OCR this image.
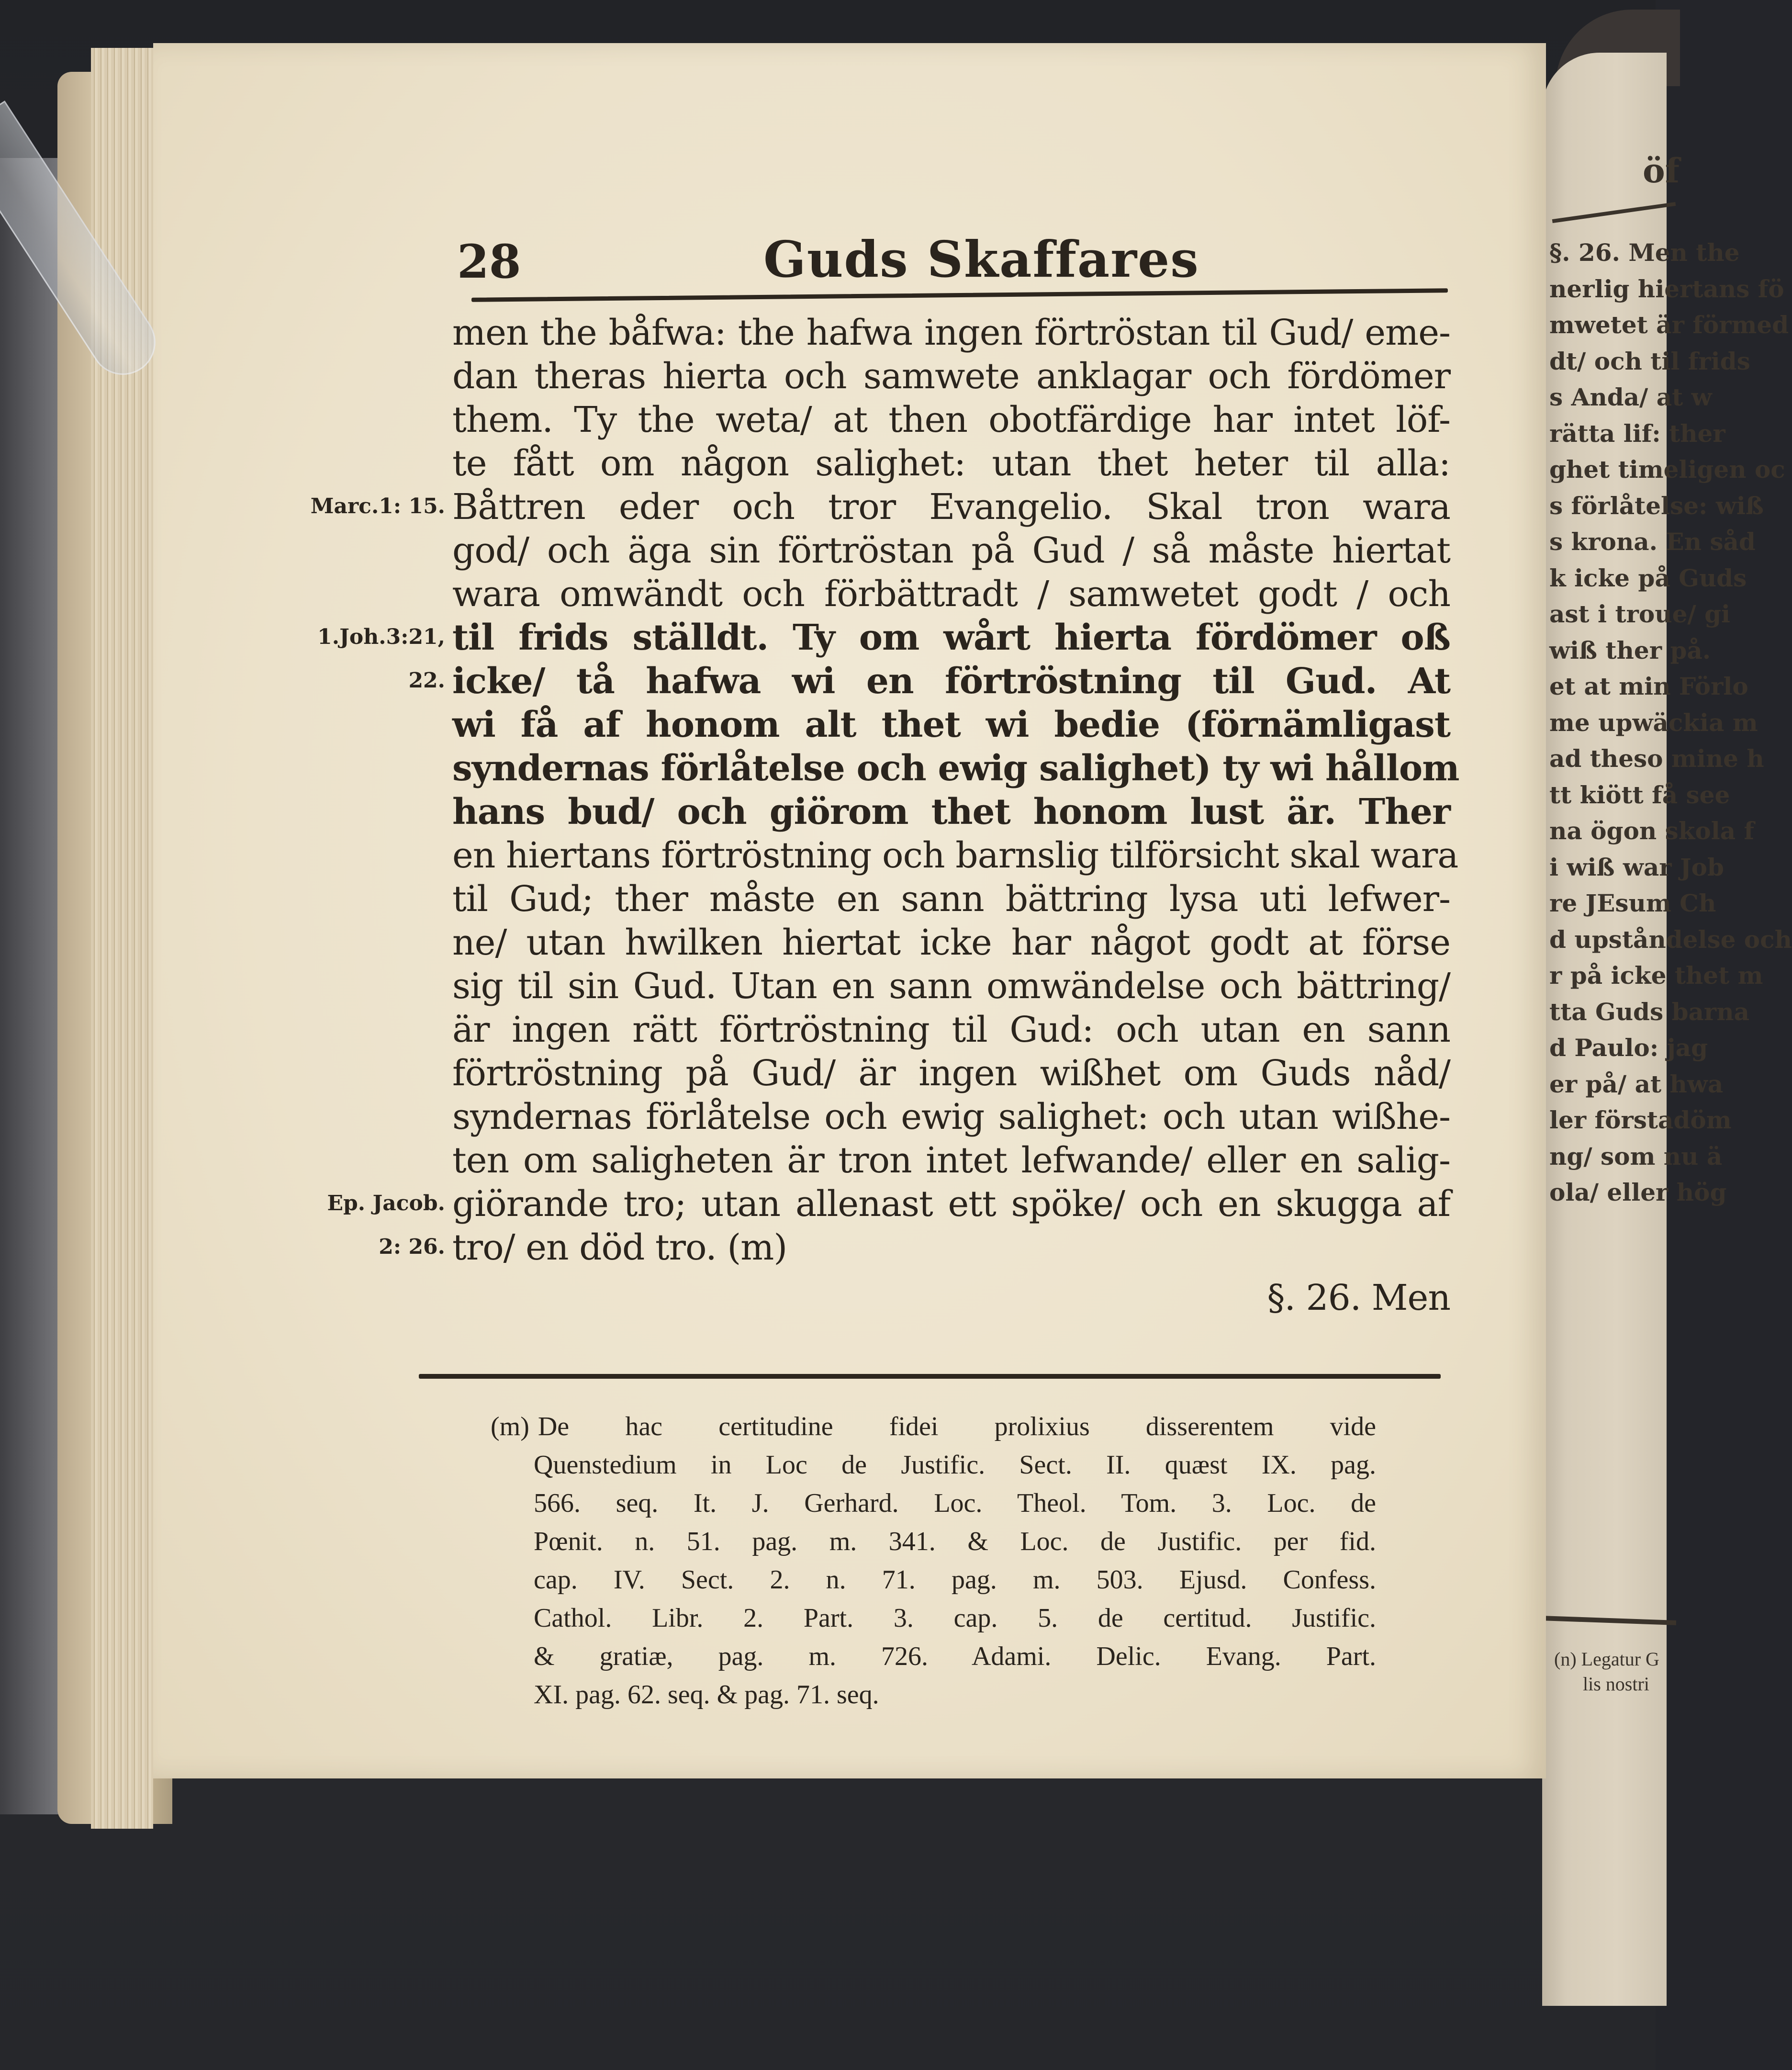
öf
§. 26. Men the
nerlig hiertans fö
mwetet är förmed
dt/ och til frids
s Anda/ at w
rätta lif: ther
ghet timeligen oc
s förlåtelse: wiß
s krona. En såd
k icke på Guds
ast i troue/ gi
wiß ther på.
et at min Förlo
me upwäckia m
ad theso mine h
tt kiött få see
na ögon skola f
i wiß war Job
re JEsum Ch
d upståndelse och
r på icke thet m
tta Guds barna
d Paulo: jag
er på/ at hwa
ler förstadöm
ng/ som nu ä
ola/ eller hög
(n) Legatur G
lis nostri
28	Guds Skaffares
men the båfwa: the hafwa ingen förtröstan til Gud/ eme-
dan theras hierta och samwete anklagar och fördömer
them. Ty the weta/ at then obotfärdige har intet löf-
te fått om någon salighet: utan thet heter til alla:
Båttren eder och tror Evangelio. Skal tron wara
god/ och äga sin förtröstan på Gud / så måste hiertat
wara omwändt och förbättradt / samwetet godt / och
til frids ställdt. Ty om wårt hierta fördömer oß
icke/ tå hafwa wi en förtröstning til Gud. At
wi få af honom alt thet wi bedie (förnämligast
syndernas förlåtelse och ewig salighet) ty wi hållom
hans bud/ och giörom thet honom lust är. Ther
en hiertans förtröstning och barnslig tilförsicht skal wara
til Gud; ther måste en sann bättring lysa uti lefwer-
ne/ utan hwilken hiertat icke har något godt at förse
sig til sin Gud. Utan en sann omwändelse och bättring/
är ingen rätt förtröstning til Gud: och utan en sann
förtröstning på Gud/ är ingen wißhet om Guds nåd/
syndernas förlåtelse och ewig salighet: och utan wißhe-
ten om saligheten är tron intet lefwande/ eller en salig-
giörande tro; utan allenast ett spöke/ och en skugga af
tro/ en död tro. (m)
§. 26. Men
Marc.1: 15.
1.Joh.3:21,
22.
Ep. Jacob.
2: 26.
(m) De hac certitudine fidei prolixius disserentem vide
Quenstedium in Loc de Justific. Sect. II. quæst IX. pag.
566. seq. It. J. Gerhard. Loc. Theol. Tom. 3. Loc. de
Pœnit. n. 51. pag. m. 341. & Loc. de Justific. per fid.
cap. IV. Sect. 2. n. 71. pag. m. 503. Ejusd. Confess.
Cathol. Libr. 2. Part. 3. cap. 5. de certitud. Justific.
& gratiæ, pag. m. 726. Adami. Delic. Evang. Part.
XI. pag. 62. seq. & pag. 71. seq.
